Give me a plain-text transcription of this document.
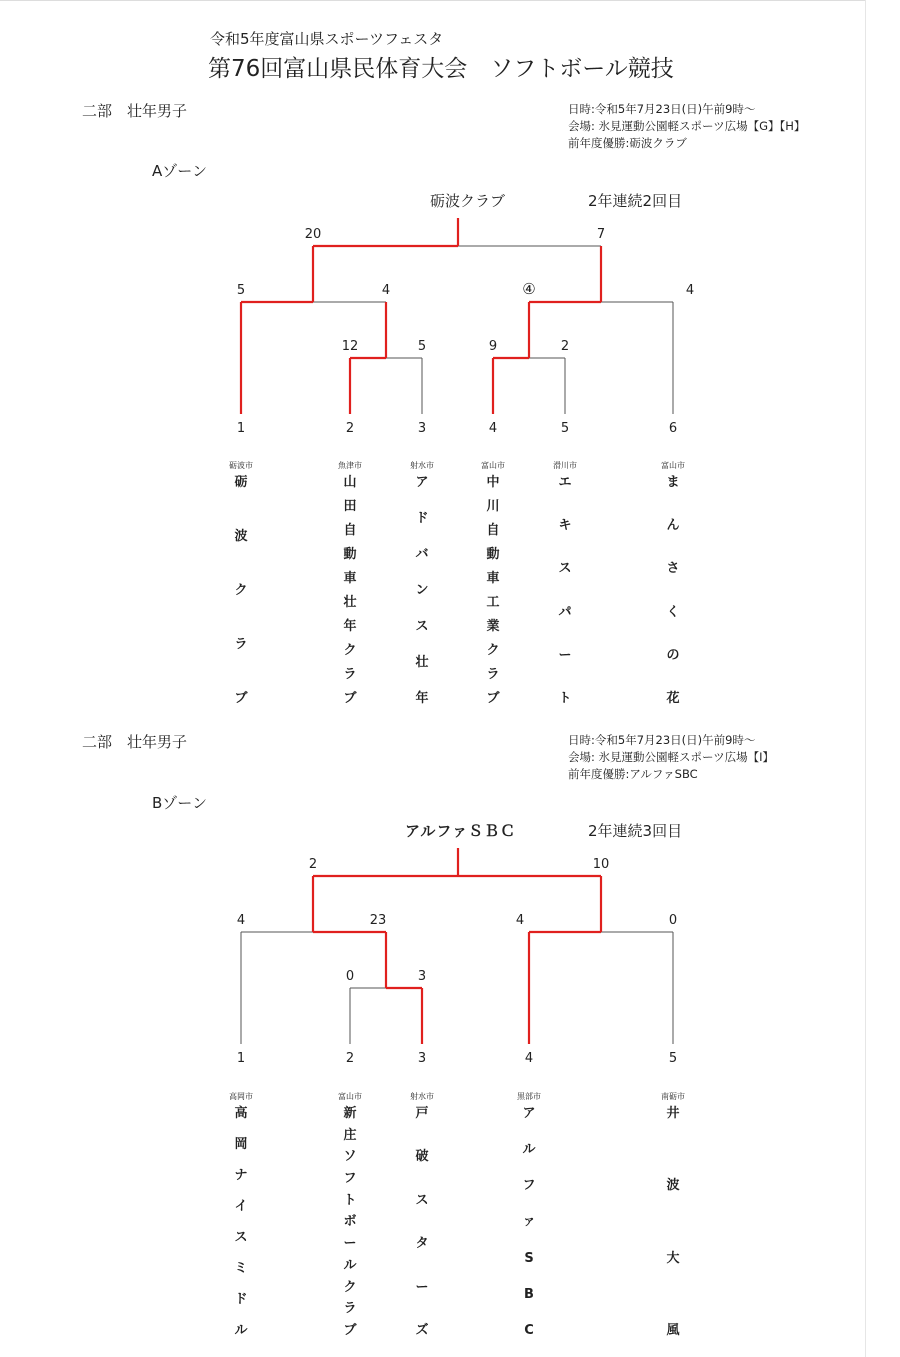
令和5年度富山県スポーツフェスタ
第76回富山県民体育大会　ソフトボール競技
二部　壮年男子	日時:令和5年7月23日(日)午前9時～
会場: 氷見運動公園軽スポーツ広場【G】【H】
前年度優勝:砺波クラブ
Aゾーン
砺波クラブ	2年連続2回目
20	7
5	4	④	4
12	5	9	2
1	2	3	4	5	6
二部　壮年男子	日時:令和5年7月23日(日)午前9時～
会場: 氷見運動公園軽スポーツ広場【I】
前年度優勝:アルファSBC
Bゾーン
アルファＳＢＣ	2年連続3回目
2	10
4	23	4	0
0	3
1	2	3	4	5
砺波市
砺
波
ク
ラ
ブ
魚津市
山
田
自
動
車
壮
年
ク
ラ
ブ
射水市
ア
ド
バ
ン
ス
壮
年
富山市
中
川
自
動
車
工
業
ク
ラ
ブ
滑川市
エ
キ
ス
パ
ー
ト
富山市
ま
ん
さ
く
の
花
高岡市
高
岡
ナ
イ
ス
ミ
ド
ル
富山市
新
庄
ソ
フ
ト
ボ
ー
ル
ク
ラ
ブ
射水市
戸
破
ス
タ
ー
ズ
黒部市
ア
ル
フ
ァ
S
B
C
南砺市
井
波
大
風
